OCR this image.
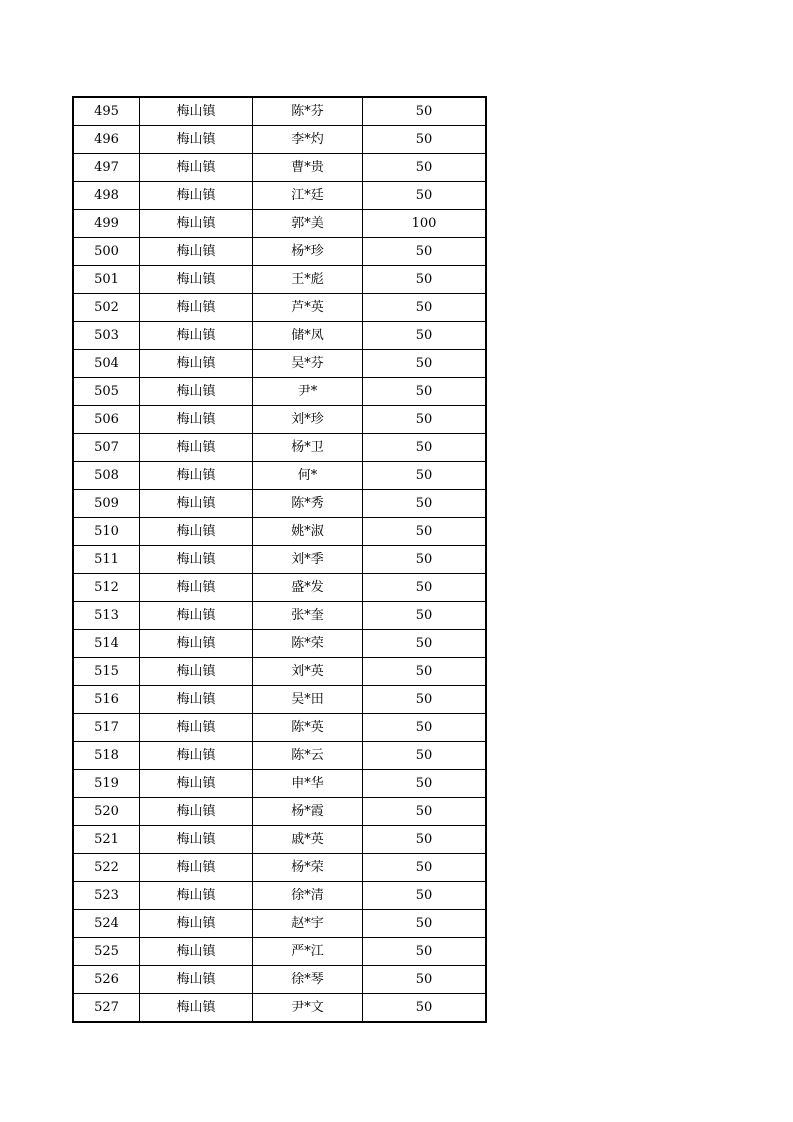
495	梅山镇	陈*芬	50
496	梅山镇	李*灼	50
497	梅山镇	曹*贵	50
498	梅山镇	江*廷	50
499	梅山镇	郭*美	100
500	梅山镇	杨*珍	50
501	梅山镇	王*彪	50
502	梅山镇	芦*英	50
503	梅山镇	储*凤	50
504	梅山镇	吴*芬	50
505	梅山镇	尹*	50
506	梅山镇	刘*珍	50
507	梅山镇	杨*卫	50
508	梅山镇	何*	50
509	梅山镇	陈*秀	50
510	梅山镇	姚*淑	50
511	梅山镇	刘*季	50
512	梅山镇	盛*发	50
513	梅山镇	张*奎	50
514	梅山镇	陈*荣	50
515	梅山镇	刘*英	50
516	梅山镇	吴*田	50
517	梅山镇	陈*英	50
518	梅山镇	陈*云	50
519	梅山镇	申*华	50
520	梅山镇	杨*霞	50
521	梅山镇	戚*英	50
522	梅山镇	杨*荣	50
523	梅山镇	徐*清	50
524	梅山镇	赵*宇	50
525	梅山镇	严*江	50
526	梅山镇	徐*琴	50
527	梅山镇	尹*文	50
